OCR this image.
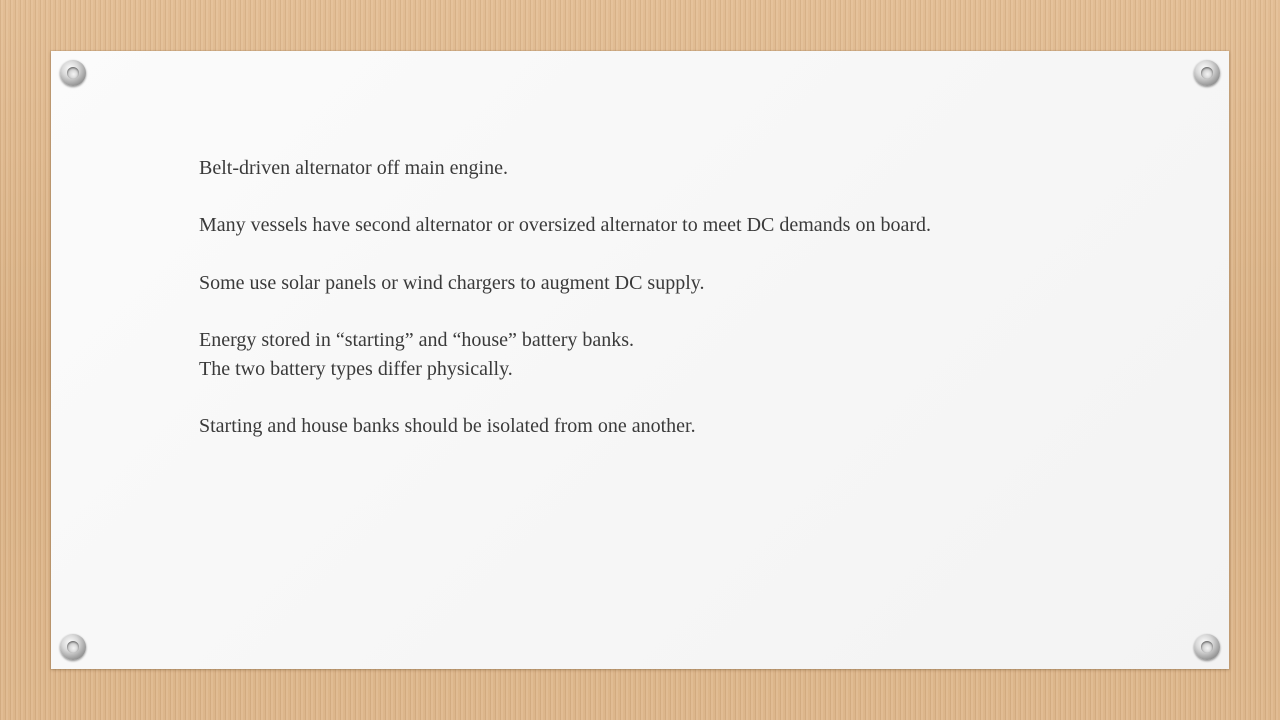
Belt-driven alternator off main engine.
Many vessels have second alternator or oversized alternator to meet DC demands on board.
Some use solar panels or wind chargers to augment DC supply.
Energy stored in “starting” and “house” battery banks.
The two battery types differ physically.
Starting and house banks should be isolated from one another.
